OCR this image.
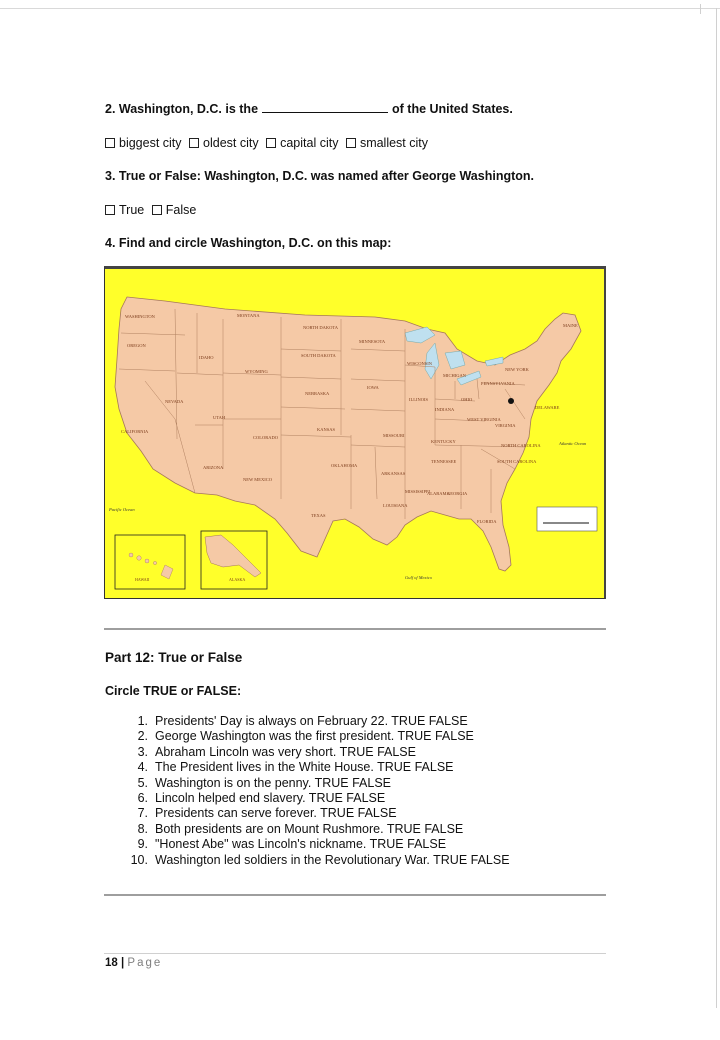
2. Washington, D.C. is the	of the United States.
biggest city oldest city capital city smallest city
3. True or False: Washington, D.C. was named after George Washington.
True False
4. Find and circle Washington, D.C. on this map:
WASHINGTON
OREGON
CALIFORNIA
NEVADA
IDAHO
MONTANA
WYOMING
UTAH
ARIZONA
COLORADO
NEW MEXICO
NORTH DAKOTA
SOUTH DAKOTA
NEBRASKA
KANSAS
OKLAHOMA
TEXAS
MINNESOTA
IOWA
MISSOURI
ARKANSAS
LOUISIANA
WISCONSIN
ILLINOIS
MICHIGAN
INDIANA
OHIO
KENTUCKY
TENNESSEE
MISSISSIPPI
ALABAMA
GEORGIA
FLORIDA
SOUTH CAROLINA
NORTH CAROLINA
VIRGINIA
WEST VIRGINIA
PENNSYLVANIA
NEW YORK
MAINE
DELAWARE
Pacific Ocean
Atlantic Ocean
Gulf of Mexico
HAWAII	ALASKA
Part 12: True or False
Circle TRUE or FALSE:
1. Presidents' Day is always on February 22. TRUE FALSE
2. George Washington was the first president. TRUE FALSE
3. Abraham Lincoln was very short. TRUE FALSE
4. The President lives in the White House. TRUE FALSE
5. Washington is on the penny. TRUE FALSE
6. Lincoln helped end slavery. TRUE FALSE
7. Presidents can serve forever. TRUE FALSE
8. Both presidents are on Mount Rushmore. TRUE FALSE
9. "Honest Abe" was Lincoln's nickname. TRUE FALSE
10. Washington led soldiers in the Revolutionary War. TRUE FALSE
18 | Page
